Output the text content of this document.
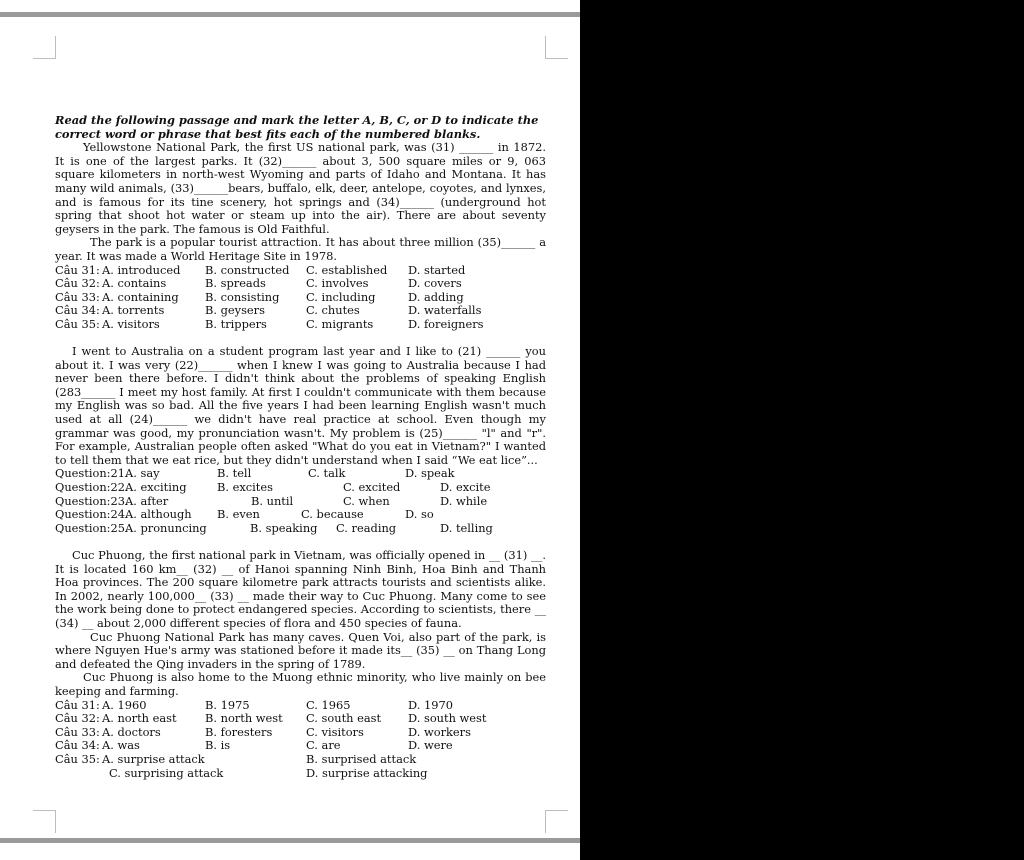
Read the following passage and mark the letter A, B, C, or D to indicate the correct word or phrase that best fits each of the numbered blanks.

Yellowstone National Park, the first US national park, was (31) ______ in 1872. It is one of the largest parks. It (32)______ about 3, 500 square miles or 9, 063 square kilometers in north-west Wyoming and parts of Idaho and Montana. It has many wild animals, (33)______bears, buffalo, elk, deer, antelope, coyotes, and lynxes, and is famous for its tine scenery, hot springs and (34)______ (underground hot spring that shoot hot water or steam up into the air). There are about seventy geysers in the park. The famous is Old Faithful.

The park is a popular tourist attraction. It has about three million (35)______ a year. It was made a World Heritage Site in 1978.

Câu 31: A. introduced B. constructed C. established D. started
Câu 32: A. contains	B. spreads	C. involves	D. covers
Câu 33: A. containing B. consisting C. including	D. adding
Câu 34: A. torrents	B. geysers	C. chutes	D. waterfalls
Câu 35: A. visitors	B. trippers	C. migrants	D. foreigners

I went to Australia on a student program last year and I like to (21) ______ you about it. I was very (22)______ when I knew I was going to Australia because I had never been there before. I didn't think about the problems of speaking English (283______ I meet my host family. At first I couldn't communicate with them because my English was so bad. All the five years I had been learning English wasn't much used at all (24)______ we didn't have real practice at school. Even though my grammar was good, my pronunciation wasn't. My problem is (25)______ "l" and "r". For example, Australian people often asked "What do you eat in Vietnam?" I wanted to tell them that we eat rice, but they didn't understand when I said “We eat lice”...

Question:21.
A. say	B. tell	C. talk	D. speak
Question:22.
A. exciting	B. excites	C. excited	D. excite
Question:23.
A. after	B. until	C. when	D. while
Question:24.
A. although B. even	C. because	D. so
Question:25.
A. pronuncing	B. speaking C. reading	D. telling

Cuc Phuong, the first national park in Vietnam, was officially opened in __ (31) __. It is located 160 km__ (32) __ of Hanoi spanning Ninh Binh, Hoa Binh and Thanh Hoa provinces. The 200 square kilometre park attracts tourists and scientists alike. In 2002, nearly 100,000__ (33) __ made their way to Cuc Phuong. Many come to see the work being done to protect endangered species. According to scientists, there __ (34) __ about 2,000 different species of flora and 450 species of fauna.

Cuc Phuong National Park has many caves. Quen Voi, also part of the park, is where Nguyen Hue's army was stationed before it made its__ (35) __ on Thang Long and defeated the Qing invaders in the spring of 1789.

Cuc Phuong is also home to the Muong ethnic minority, who live mainly on bee keeping and farming.

Câu 31: A. 1960	B. 1975	C. 1965	D. 1970
Câu 32: A. north east B. north west C. south east D. south west
Câu 33: A. doctors	B. foresters	C. visitors	D. workers
Câu 34: A. was	B. is	C. are	D. were
Câu 35: A. surprise attack	B. surprised attack
C. surprising attack	D. surprise attacking
